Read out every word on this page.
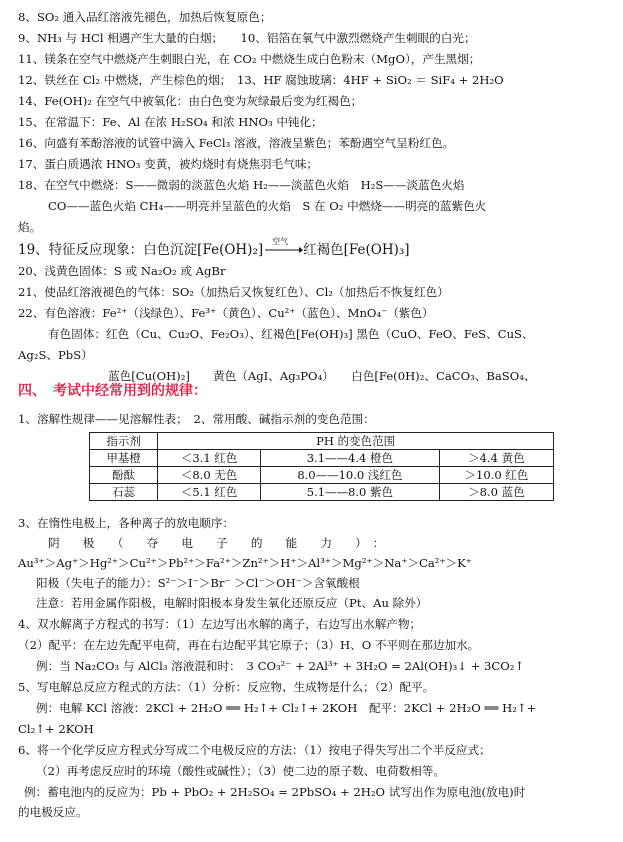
8、SO₂ 通入品红溶液先褪色，加热后恢复原色；
9、NH₃ 与 HCl 相遇产生大量的白烟；　　10、铝箔在氧气中激烈燃烧产生刺眼的白光；
11、镁条在空气中燃烧产生刺眼白光，在 CO₂ 中燃烧生成白色粉末（MgO），产生黑烟；
12、铁丝在 Cl₂ 中燃烧，产生棕色的烟；　13、HF 腐蚀玻璃：4HF + SiO₂ ＝ SiF₄ + 2H₂O
14、Fe(OH)₂ 在空气中被氧化：由白色变为灰绿最后变为红褐色；
15、在常温下：Fe、Al 在浓 H₂SO₄ 和浓 HNO₃ 中钝化；
16、向盛有苯酚溶液的试管中滴入 FeCl₃ 溶液，溶液呈紫色；苯酚遇空气呈粉红色。
17、蛋白质遇浓 HNO₃ 变黄，被灼烧时有烧焦羽毛气味；
18、在空气中燃烧：S——微弱的淡蓝色火焰 H₂——淡蓝色火焰　H₂S——淡蓝色火焰
CO——蓝色火焰 CH₄——明亮并呈蓝色的火焰　S 在 O₂ 中燃烧——明亮的蓝紫色火
焰。
19、特征反应现象：白色沉淀[Fe(OH)₂]
空气
红褐色[Fe(OH)₃]
20、浅黄色固体：S 或 Na₂O₂ 或 AgBr
21、使品红溶液褪色的气体：SO₂（加热后又恢复红色）、Cl₂（加热后不恢复红色）
22、有色溶液：Fe²⁺（浅绿色）、Fe³⁺（黄色）、Cu²⁺（蓝色）、MnO₄⁻（紫色）
有色固体：红色（Cu、Cu₂O、Fe₂O₃）、红褐色[Fe(OH)₃] 黑色（CuO、FeO、FeS、CuS、
Ag₂S、PbS）
蓝色[Cu(OH)₂]　　黄色（AgI、Ag₃PO₄）　　白色[Fe(0H)₂、CaCO₃、BaSO₄、
四、　考试中经常用到的规律：
指示剂	PH 的变色范围		
甲基橙	＜3.1 红色	3.1——4.4 橙色	＞4.4 黄色
酚酞	＜8.0 无色	8.0——10.0 浅红色	＞10.0 红色
石蕊	＜5.1 红色	5.1——8.0 紫色	＞8.0 蓝色
1、溶解性规律——见溶解性表；　2、常用酸、碱指示剂的变色范围：
3、在惰性电极上，各种离子的放电顺序：
阴　　极　　（　　夺　　电　　子　　的　　能　　力　　）　：
Au³⁺＞Ag⁺＞Hg²⁺＞Cu²⁺＞Pb²⁺＞Fa²⁺＞Zn²⁺＞H⁺＞Al³⁺＞Mg²⁺＞Na⁺＞Ca²⁺＞K⁺
阳极（失电子的能力）：S²⁻＞I⁻＞Br⁻ ＞Cl⁻＞OH⁻＞含氧酸根
注意：若用金属作阳极，电解时阳极本身发生氧化还原反应（Pt、Au 除外）
4、双水解离子方程式的书写：（1）左边写出水解的离子，右边写出水解产物；
（2）配平：在左边先配平电荷，再在右边配平其它原子；（3）H、O 不平则在那边加水。
例：当 Na₂CO₃ 与 AlCl₃ 溶液混和时：　3 CO₃²⁻ + 2Al³⁺ + 3H₂O = 2Al(OH)₃↓ + 3CO₂↑
5、写电解总反应方程式的方法：（1）分析：反应物、生成物是什么；（2）配平。
例：电解 KCl 溶液：2KCl + 2H₂O ══ H₂↑+ Cl₂↑+ 2KOH　配平：2KCl + 2H₂O ══ H₂↑+
Cl₂↑+ 2KOH
6、将一个化学反应方程式分写成二个电极反应的方法：（1）按电子得失写出二个半反应式；
（2）再考虑反应时的环境（酸性或碱性）；（3）使二边的原子数、电荷数相等。
例：蓄电池内的反应为：Pb + PbO₂ + 2H₂SO₄ = 2PbSO₄ + 2H₂O 试写出作为原电池(放电)时
的电极反应。
